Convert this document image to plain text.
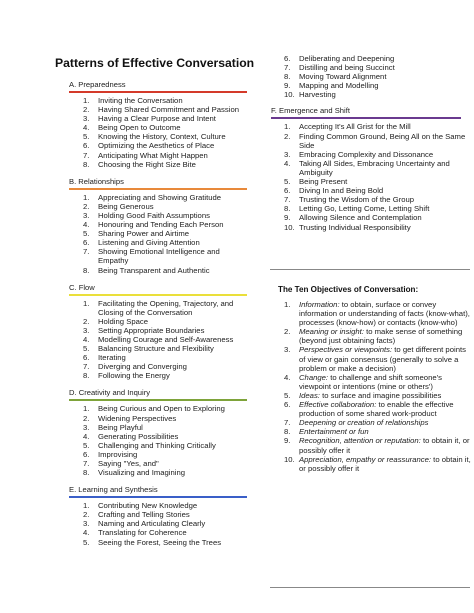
Patterns of Effective Conversation
A. Preparedness
1.	Inviting the Conversation
2.	Having Shared Commitment and Passion
3.	Having a Clear Purpose and Intent
4.	Being Open to Outcome
5.	Knowing the History, Context, Culture
6.	Optimizing the Aesthetics of Place
7.	Anticipating What Might Happen
8.	Choosing the Right Size Bite
B. Relationships
1.	Appreciating and Showing Gratitude
2.	Being Generous
3.	Holding Good Faith Assumptions
4.	Honouring and Tending Each Person
5.	Sharing Power and Airtime
6.	Listening and Giving Attention
7.	Showing Emotional Intelligence and Empathy
8.	Being Transparent and Authentic
C. Flow
1.	Facilitating the Opening, Trajectory, and Closing of the Conversation
2.	Holding Space
3.	Setting Appropriate Boundaries
4.	Modelling Courage and Self-Awareness
5.	Balancing Structure and Flexibility
6.	Iterating
7.	Diverging and Converging
8.	Following the Energy
D. Creativity and Inquiry
1.	Being Curious and Open to Exploring
2.	Widening Perspectives
3.	Being Playful
4.	Generating Possibilities
5.	Challenging and Thinking Critically
6.	Improvising
7.	Saying "Yes, and"
8.	Visualizing and Imagining
E. Learning and Synthesis
1.	Contributing New Knowledge
2.	Crafting and Telling Stories
3.	Naming and Articulating Clearly
4.	Translating for Coherence
5.	Seeing the Forest, Seeing the Trees
6.	Deliberating and Deepening
7.	Distilling and being Succinct
8.	Moving Toward Alignment
9.	Mapping and Modelling
10. Harvesting
F. Emergence and Shift
1.	Accepting It's All Grist for the Mill
2.	Finding Common Ground, Being All on the Same Side
3.	Embracing Complexity and Dissonance
4.	Taking All Sides, Embracing Uncertainty and Ambiguity
5.	Being Present
6.	Diving In and Being Bold
7.	Trusting the Wisdom of the Group
8.	Letting Go, Letting Come, Letting Shift
9.	Allowing Silence and Contemplation
10. Trusting Individual Responsibility
The Ten Objectives of Conversation:
1. Information: to obtain, surface or convey information or understanding of facts (know-what), processes (know-how) or contacts (know-who)
2. Meaning or insight: to make sense of something (beyond just obtaining facts)
3. Perspectives or viewpoints: to get different points of view or gain consensus (generally to solve a problem or make a decision)
4. Change: to challenge and shift someone's viewpoint or intentions (mine or others')
5. Ideas: to surface and imagine possibilities
6. Effective collaboration: to enable the effective production of some shared work-product
7. Deepening or creation of relationships
8. Entertainment or fun
9. Recognition, attention or reputation: to obtain it, or possibly offer it
10. Appreciation, empathy or reassurance: to obtain it, or possibly offer it
